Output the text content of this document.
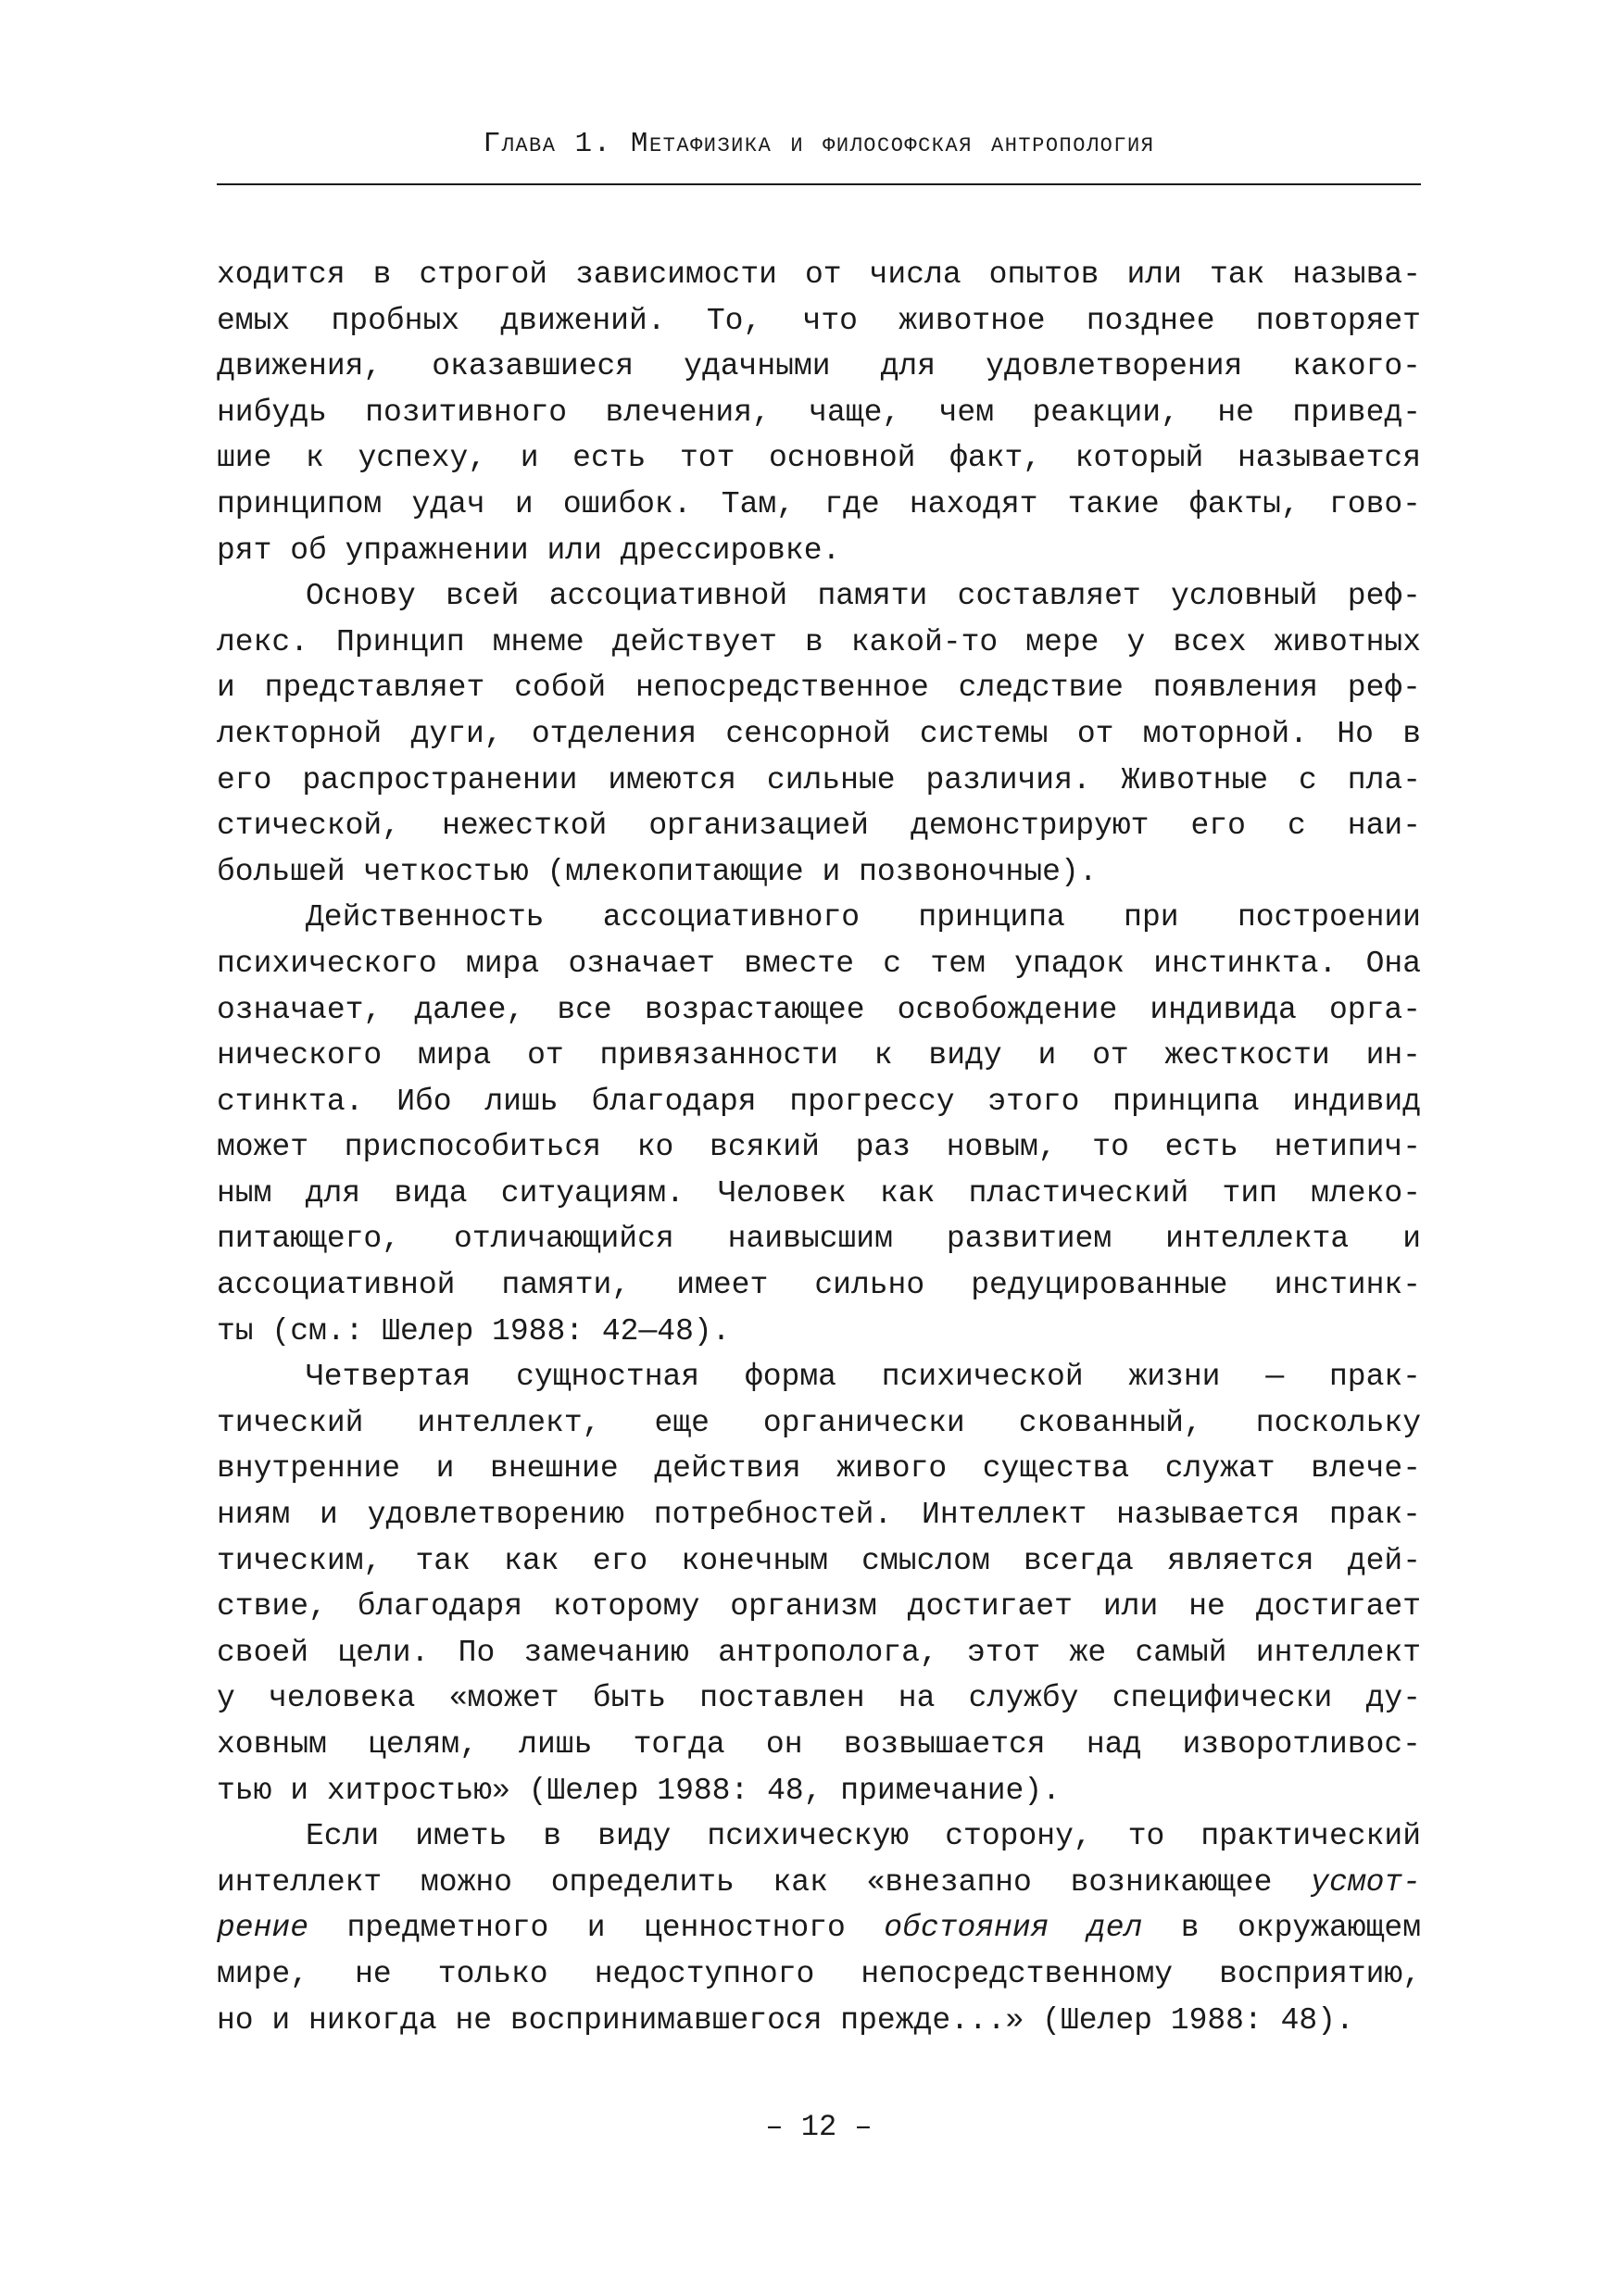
Глава 1. Метафизика и философская антропология
ходится в строгой зависимости от числа опытов или так называ-
емых пробных движений. То, что животное позднее повторяет
движения, оказавшиеся удачными для удовлетворения какого-
нибудь позитивного влечения, чаще, чем реакции, не привед-
шие к успеху, и есть тот основной факт, который называется
принципом удач и ошибок. Там, где находят такие факты, гово-
рят об упражнении или дрессировке.
Основу всей ассоциативной памяти составляет условный реф-
лекс. Принцип мнеме действует в какой-то мере у всех животных
и представляет собой непосредственное следствие появления реф-
лекторной дуги, отделения сенсорной системы от моторной. Но в
его распространении имеются сильные различия. Животные с пла-
стической, нежесткой организацией демонстрируют его с наи-
большей четкостью (млекопитающие и позвоночные).
Действенность ассоциативного принципа при построении
психического мира означает вместе с тем упадок инстинкта. Она
означает, далее, все возрастающее освобождение индивида орга-
нического мира от привязанности к виду и от жесткости ин-
стинкта. Ибо лишь благодаря прогрессу этого принципа индивид
может приспособиться ко всякий раз новым, то есть нетипич-
ным для вида ситуациям. Человек как пластический тип млеко-
питающего, отличающийся наивысшим развитием интеллекта и
ассоциативной памяти, имеет сильно редуцированные инстинк-
ты (см.: Шелер 1988: 42—48).
Четвертая сущностная форма психической жизни — прак-
тический интеллект, еще органически скованный, поскольку
внутренние и внешние действия живого существа служат влече-
ниям и удовлетворению потребностей. Интеллект называется прак-
тическим, так как его конечным смыслом всегда является дей-
ствие, благодаря которому организм достигает или не достигает
своей цели. По замечанию антрополога, этот же самый интеллект
у человека «может быть поставлен на службу специфически ду-
ховным целям, лишь тогда он возвышается над изворотливос-
тью и хитростью» (Шелер 1988: 48, примечание).
Если иметь в виду психическую сторону, то практический
интеллект можно определить как «внезапно возникающее усмот-
рение предметного и ценностного обстояния дел в окружающем
мире, не только недоступного непосредственному восприятию,
но и никогда не воспринимавшегося прежде...» (Шелер 1988: 48).
– 12 –
